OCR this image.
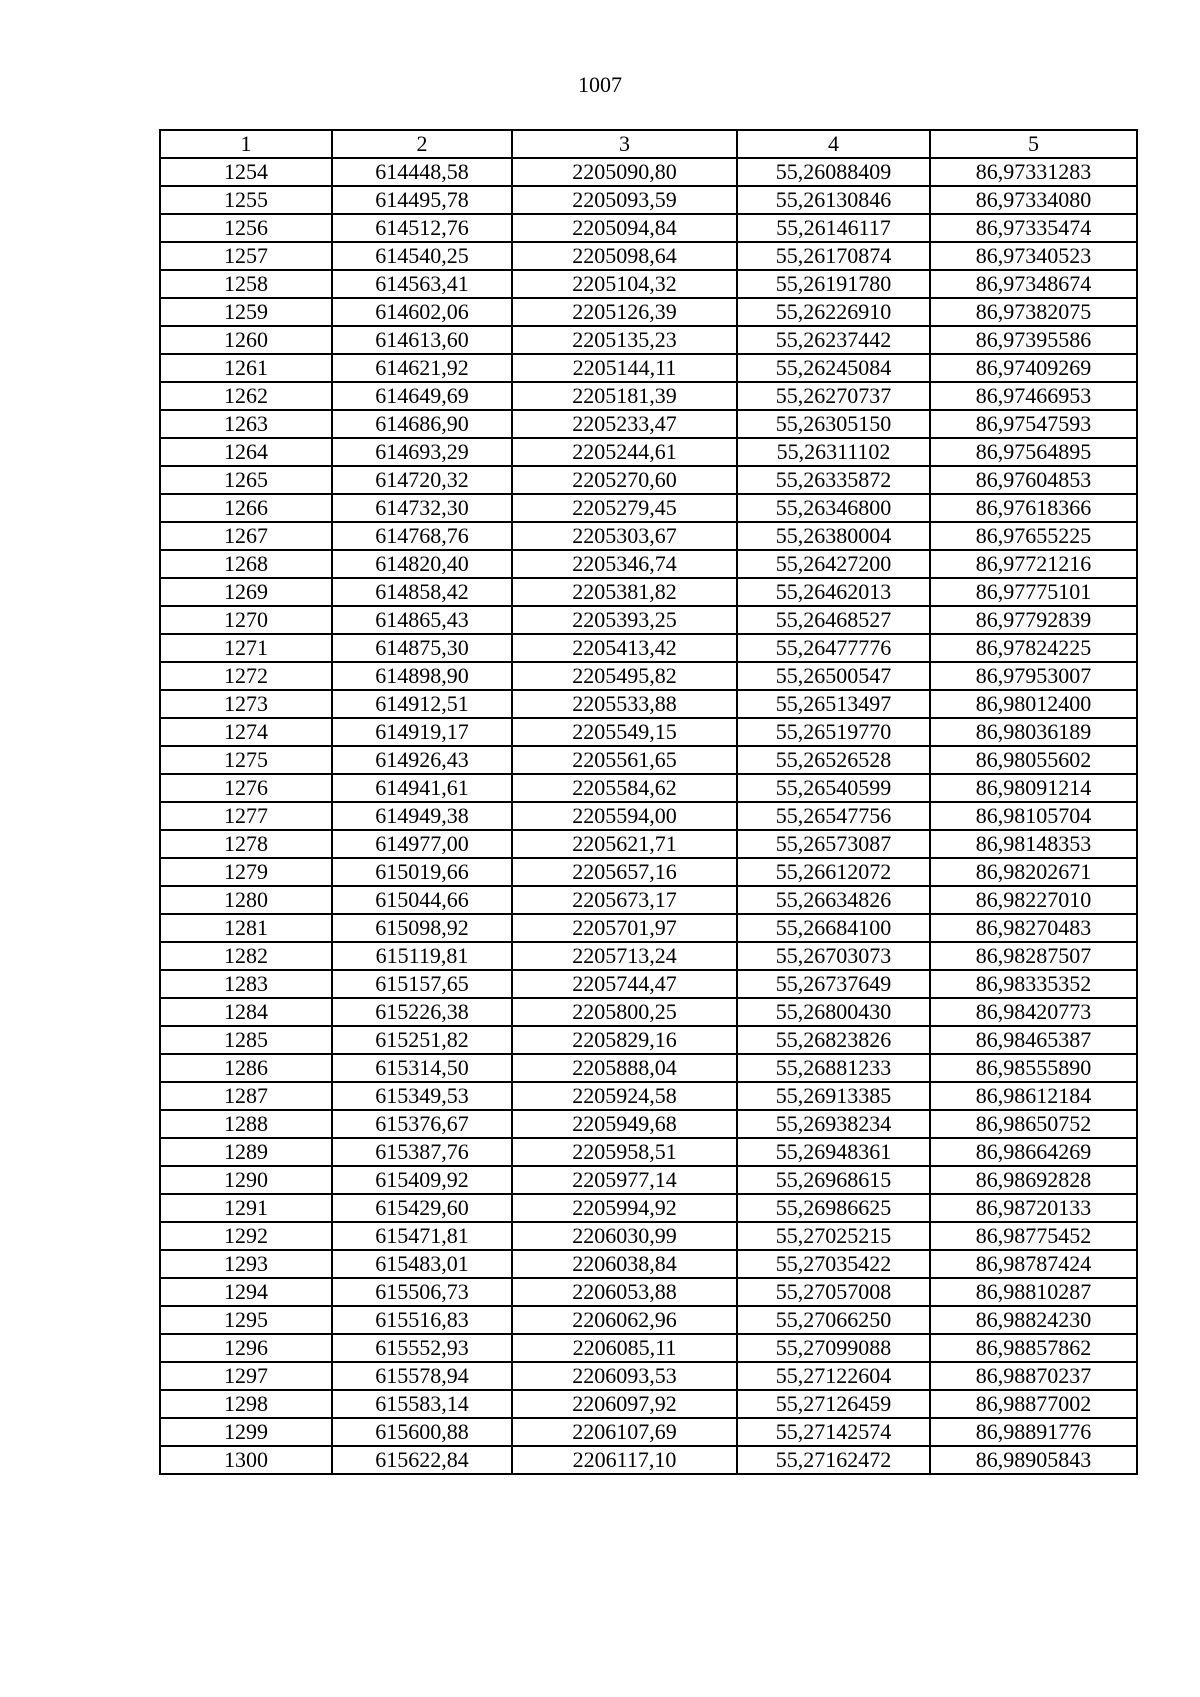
1007
1	2	3	4	5
1254	614448,58	2205090,80	55,26088409	86,97331283
1255	614495,78	2205093,59	55,26130846	86,97334080
1256	614512,76	2205094,84	55,26146117	86,97335474
1257	614540,25	2205098,64	55,26170874	86,97340523
1258	614563,41	2205104,32	55,26191780	86,97348674
1259	614602,06	2205126,39	55,26226910	86,97382075
1260	614613,60	2205135,23	55,26237442	86,97395586
1261	614621,92	2205144,11	55,26245084	86,97409269
1262	614649,69	2205181,39	55,26270737	86,97466953
1263	614686,90	2205233,47	55,26305150	86,97547593
1264	614693,29	2205244,61	55,26311102	86,97564895
1265	614720,32	2205270,60	55,26335872	86,97604853
1266	614732,30	2205279,45	55,26346800	86,97618366
1267	614768,76	2205303,67	55,26380004	86,97655225
1268	614820,40	2205346,74	55,26427200	86,97721216
1269	614858,42	2205381,82	55,26462013	86,97775101
1270	614865,43	2205393,25	55,26468527	86,97792839
1271	614875,30	2205413,42	55,26477776	86,97824225
1272	614898,90	2205495,82	55,26500547	86,97953007
1273	614912,51	2205533,88	55,26513497	86,98012400
1274	614919,17	2205549,15	55,26519770	86,98036189
1275	614926,43	2205561,65	55,26526528	86,98055602
1276	614941,61	2205584,62	55,26540599	86,98091214
1277	614949,38	2205594,00	55,26547756	86,98105704
1278	614977,00	2205621,71	55,26573087	86,98148353
1279	615019,66	2205657,16	55,26612072	86,98202671
1280	615044,66	2205673,17	55,26634826	86,98227010
1281	615098,92	2205701,97	55,26684100	86,98270483
1282	615119,81	2205713,24	55,26703073	86,98287507
1283	615157,65	2205744,47	55,26737649	86,98335352
1284	615226,38	2205800,25	55,26800430	86,98420773
1285	615251,82	2205829,16	55,26823826	86,98465387
1286	615314,50	2205888,04	55,26881233	86,98555890
1287	615349,53	2205924,58	55,26913385	86,98612184
1288	615376,67	2205949,68	55,26938234	86,98650752
1289	615387,76	2205958,51	55,26948361	86,98664269
1290	615409,92	2205977,14	55,26968615	86,98692828
1291	615429,60	2205994,92	55,26986625	86,98720133
1292	615471,81	2206030,99	55,27025215	86,98775452
1293	615483,01	2206038,84	55,27035422	86,98787424
1294	615506,73	2206053,88	55,27057008	86,98810287
1295	615516,83	2206062,96	55,27066250	86,98824230
1296	615552,93	2206085,11	55,27099088	86,98857862
1297	615578,94	2206093,53	55,27122604	86,98870237
1298	615583,14	2206097,92	55,27126459	86,98877002
1299	615600,88	2206107,69	55,27142574	86,98891776
1300	615622,84	2206117,10	55,27162472	86,98905843
